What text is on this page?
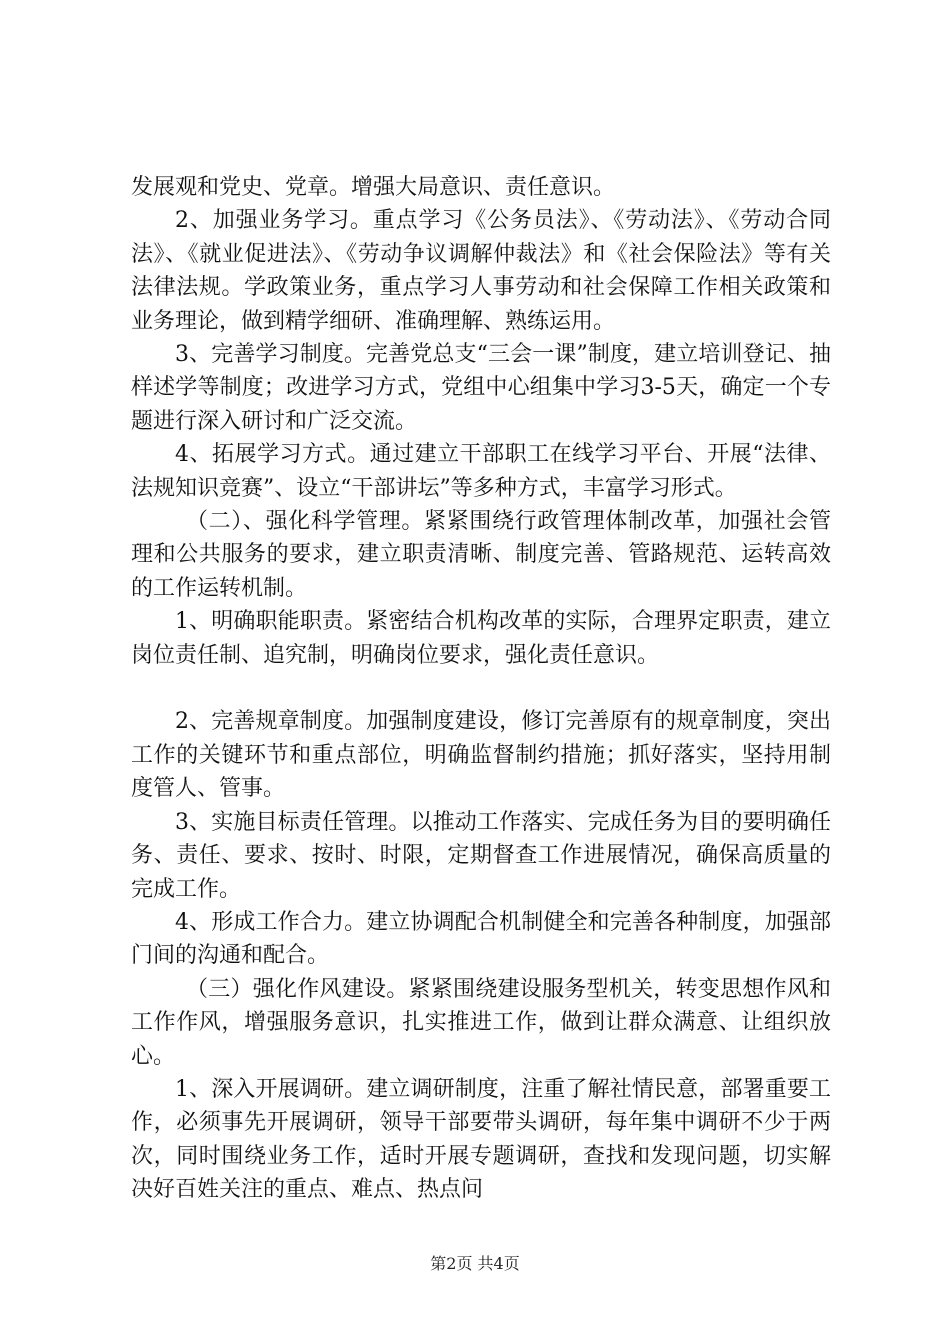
发展观和党史、党章。增强大局意识、责任意识。

2、加强业务学习。重点学习《公务员法》、《劳动法》、《劳动合同法》、《就业促进法》、《劳动争议调解仲裁法》和《社会保险法》等有关法律法规。学政策业务，重点学习人事劳动和社会保障工作相关政策和业务理论，做到精学细研、准确理解、熟练运用。

3、完善学习制度。完善党总支“三会一课”制度，建立培训登记、抽样述学等制度；改进学习方式，党组中心组集中学习3-5天，确定一个专题进行深入研讨和广泛交流。

4、拓展学习方式。通过建立干部职工在线学习平台、开展“法律、法规知识竞赛”、设立“干部讲坛”等多种方式，丰富学习形式。

（二）、强化科学管理。紧紧围绕行政管理体制改革，加强社会管理和公共服务的要求，建立职责清晰、制度完善、管路规范、运转高效的工作运转机制。

1、明确职能职责。紧密结合机构改革的实际，合理界定职责，建立岗位责任制、追究制，明确岗位要求，强化责任意识。

2、完善规章制度。加强制度建设，修订完善原有的规章制度，突出工作的关键环节和重点部位，明确监督制约措施；抓好落实，坚持用制度管人、管事。

3、实施目标责任管理。以推动工作落实、完成任务为目的要明确任务、责任、要求、按时、时限，定期督查工作进展情况，确保高质量的完成工作。

4、形成工作合力。建立协调配合机制健全和完善各种制度，加强部门间的沟通和配合。

（三）强化作风建设。紧紧围绕建设服务型机关，转变思想作风和工作作风，增强服务意识，扎实推进工作，做到让群众满意、让组织放心。

1、深入开展调研。建立调研制度，注重了解社情民意，部署重要工作，必须事先开展调研，领导干部要带头调研，每年集中调研不少于两次，同时围绕业务工作，适时开展专题调研，查找和发现问题，切实解决好百姓关注的重点、难点、热点问

第2页 共4页
